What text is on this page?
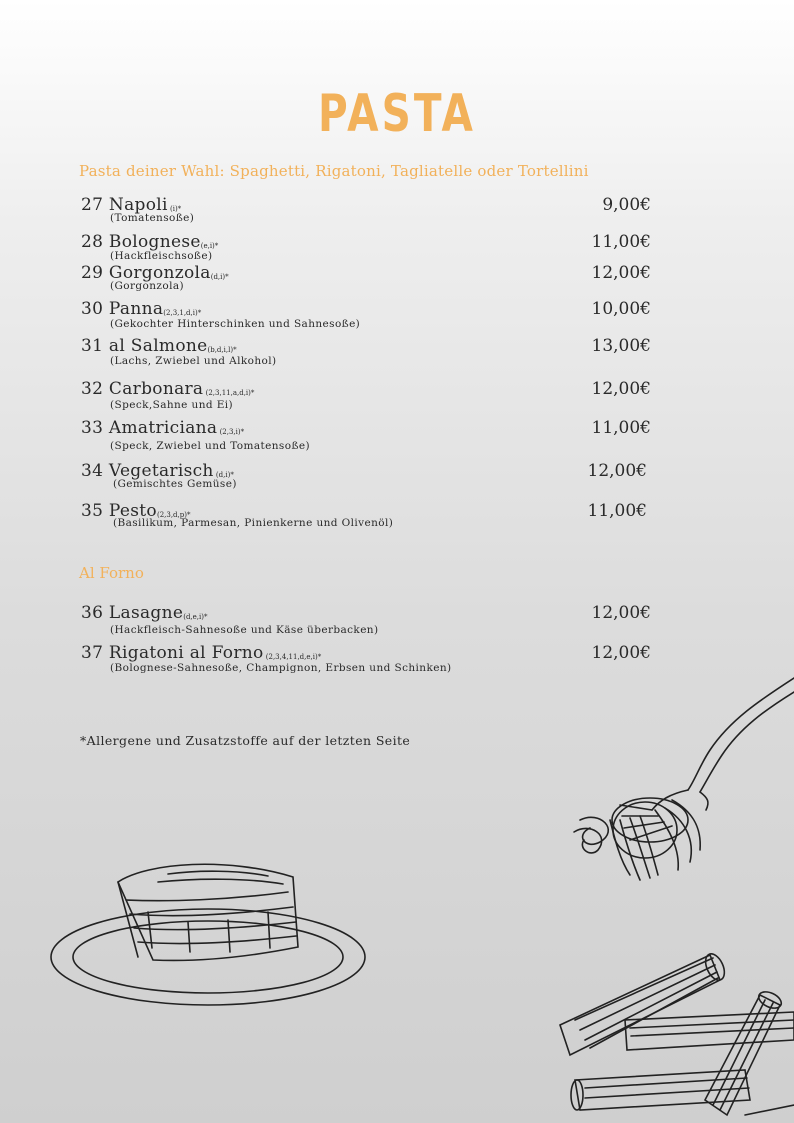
PASTA
Pasta deiner Wahl: Spaghetti, Rigatoni, Tagliatelle oder Tortellini
27 Napoli $_{(i)*}$
(Tomatensoße)
9,00€
28 Bolognese$_{(e,i)*}$
(Hackfleischsoße)
11,00€
29 Gorgonzola$_{(d,i)*}$
(Gorgonzola)
12,00€
30 Panna$_{(2,3,1,d,i)*}$
(Gekochter Hinterschinken und Sahnesoße)
10,00€
31 al Salmone$_{(b,d,i,l)*}$
(Lachs, Zwiebel und Alkohol)
13,00€
32 Carbonara $_{(2,3,11,a,d,i)*}$
(Speck,Sahne und Ei)
12,00€
33 Amatriciana $_{(2,3,i)*}$
(Speck, Zwiebel und Tomatensoße)
11,00€
34 Vegetarisch $_{(d,i)*}$
(Gemischtes Gemüse)
12,00€
35 Pesto$_{(2,3,d,p)*}$
(Basilikum, Parmesan, Pinienkerne und Olivenöl)
11,00€
Al Forno
36 Lasagne$_{(d,e,i)*}$
(Hackfleisch-Sahnesoße und Käse überbacken)
12,00€
37 Rigatoni al Forno $_{(2,3,4,11,d,e,i)*}$
(Bolognese-Sahnesoße, Champignon, Erbsen und Schinken)
12,00€
*Allergene und Zusatzstoffe auf der letzten Seite
